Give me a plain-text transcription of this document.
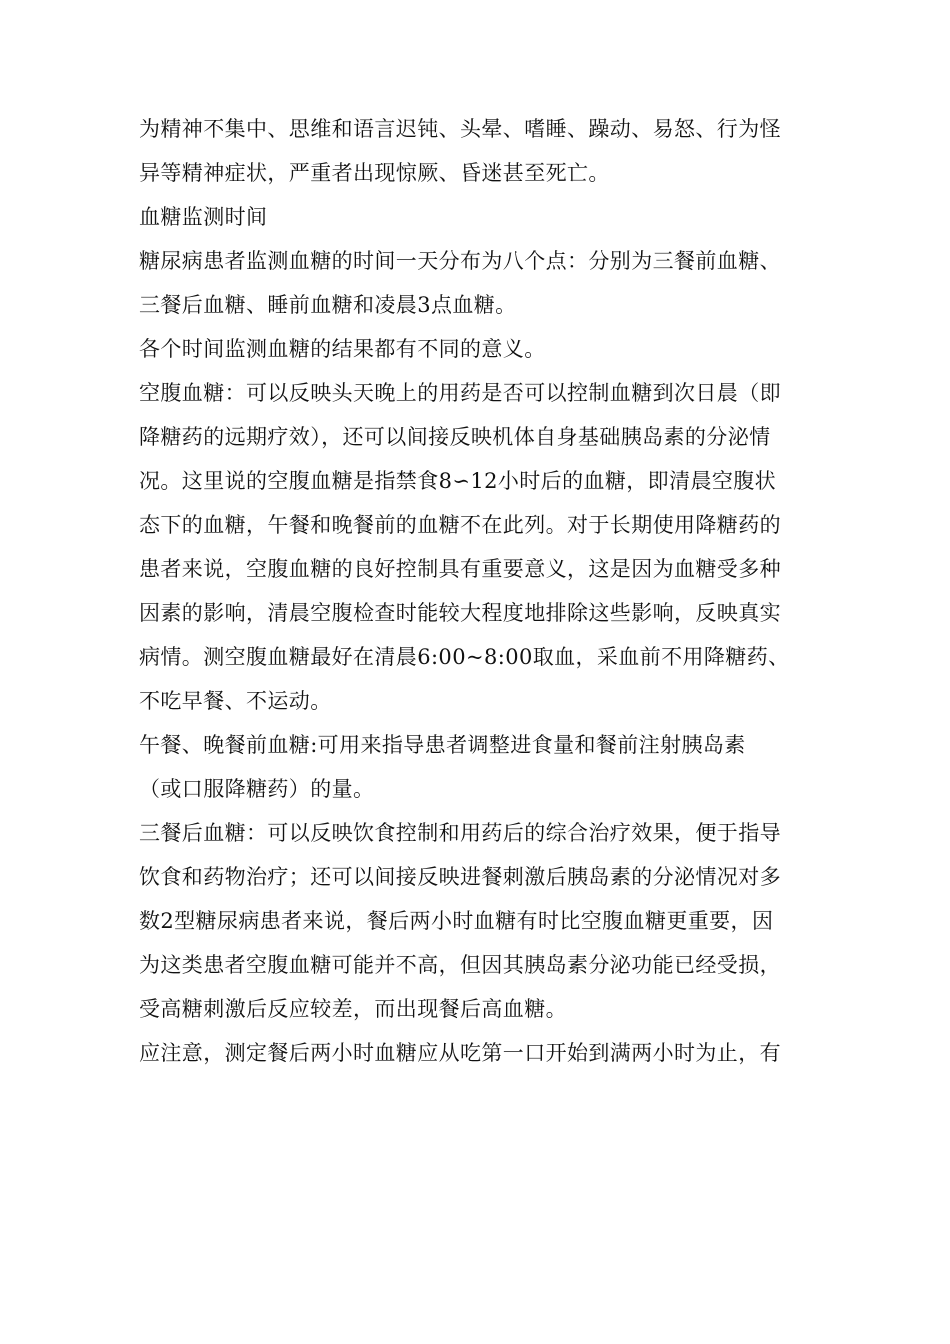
为精神不集中、思维和语言迟钝、头晕、嗜睡、躁动、易怒、行为怪
异等精神症状，严重者出现惊厥、昏迷甚至死亡。
血糖监测时间
糖尿病患者监测血糖的时间一天分布为八个点：分别为三餐前血糖、
三餐后血糖、睡前血糖和凌晨3点血糖。
各个时间监测血糖的结果都有不同的意义。
空腹血糖：可以反映头天晚上的用药是否可以控制血糖到次日晨（即
降糖药的远期疗效），还可以间接反映机体自身基础胰岛素的分泌情
况。这里说的空腹血糖是指禁食8∽12小时后的血糖，即清晨空腹状
态下的血糖，午餐和晚餐前的血糖不在此列。对于长期使用降糖药的
患者来说，空腹血糖的良好控制具有重要意义，这是因为血糖受多种
因素的影响，清晨空腹检查时能较大程度地排除这些影响，反映真实
病情。测空腹血糖最好在清晨6:00~8:00取血，采血前不用降糖药、
不吃早餐、不运动。
午餐、晚餐前血糖:可用来指导患者调整进食量和餐前注射胰岛素
（或口服降糖药）的量。
三餐后血糖：可以反映饮食控制和用药后的综合治疗效果，便于指导
饮食和药物治疗；还可以间接反映进餐刺激后胰岛素的分泌情况对多
数2型糖尿病患者来说，餐后两小时血糖有时比空腹血糖更重要，因
为这类患者空腹血糖可能并不高，但因其胰岛素分泌功能已经受损，
受高糖刺激后反应较差，而出现餐后高血糖。
应注意，测定餐后两小时血糖应从吃第一口开始到满两小时为止，有
